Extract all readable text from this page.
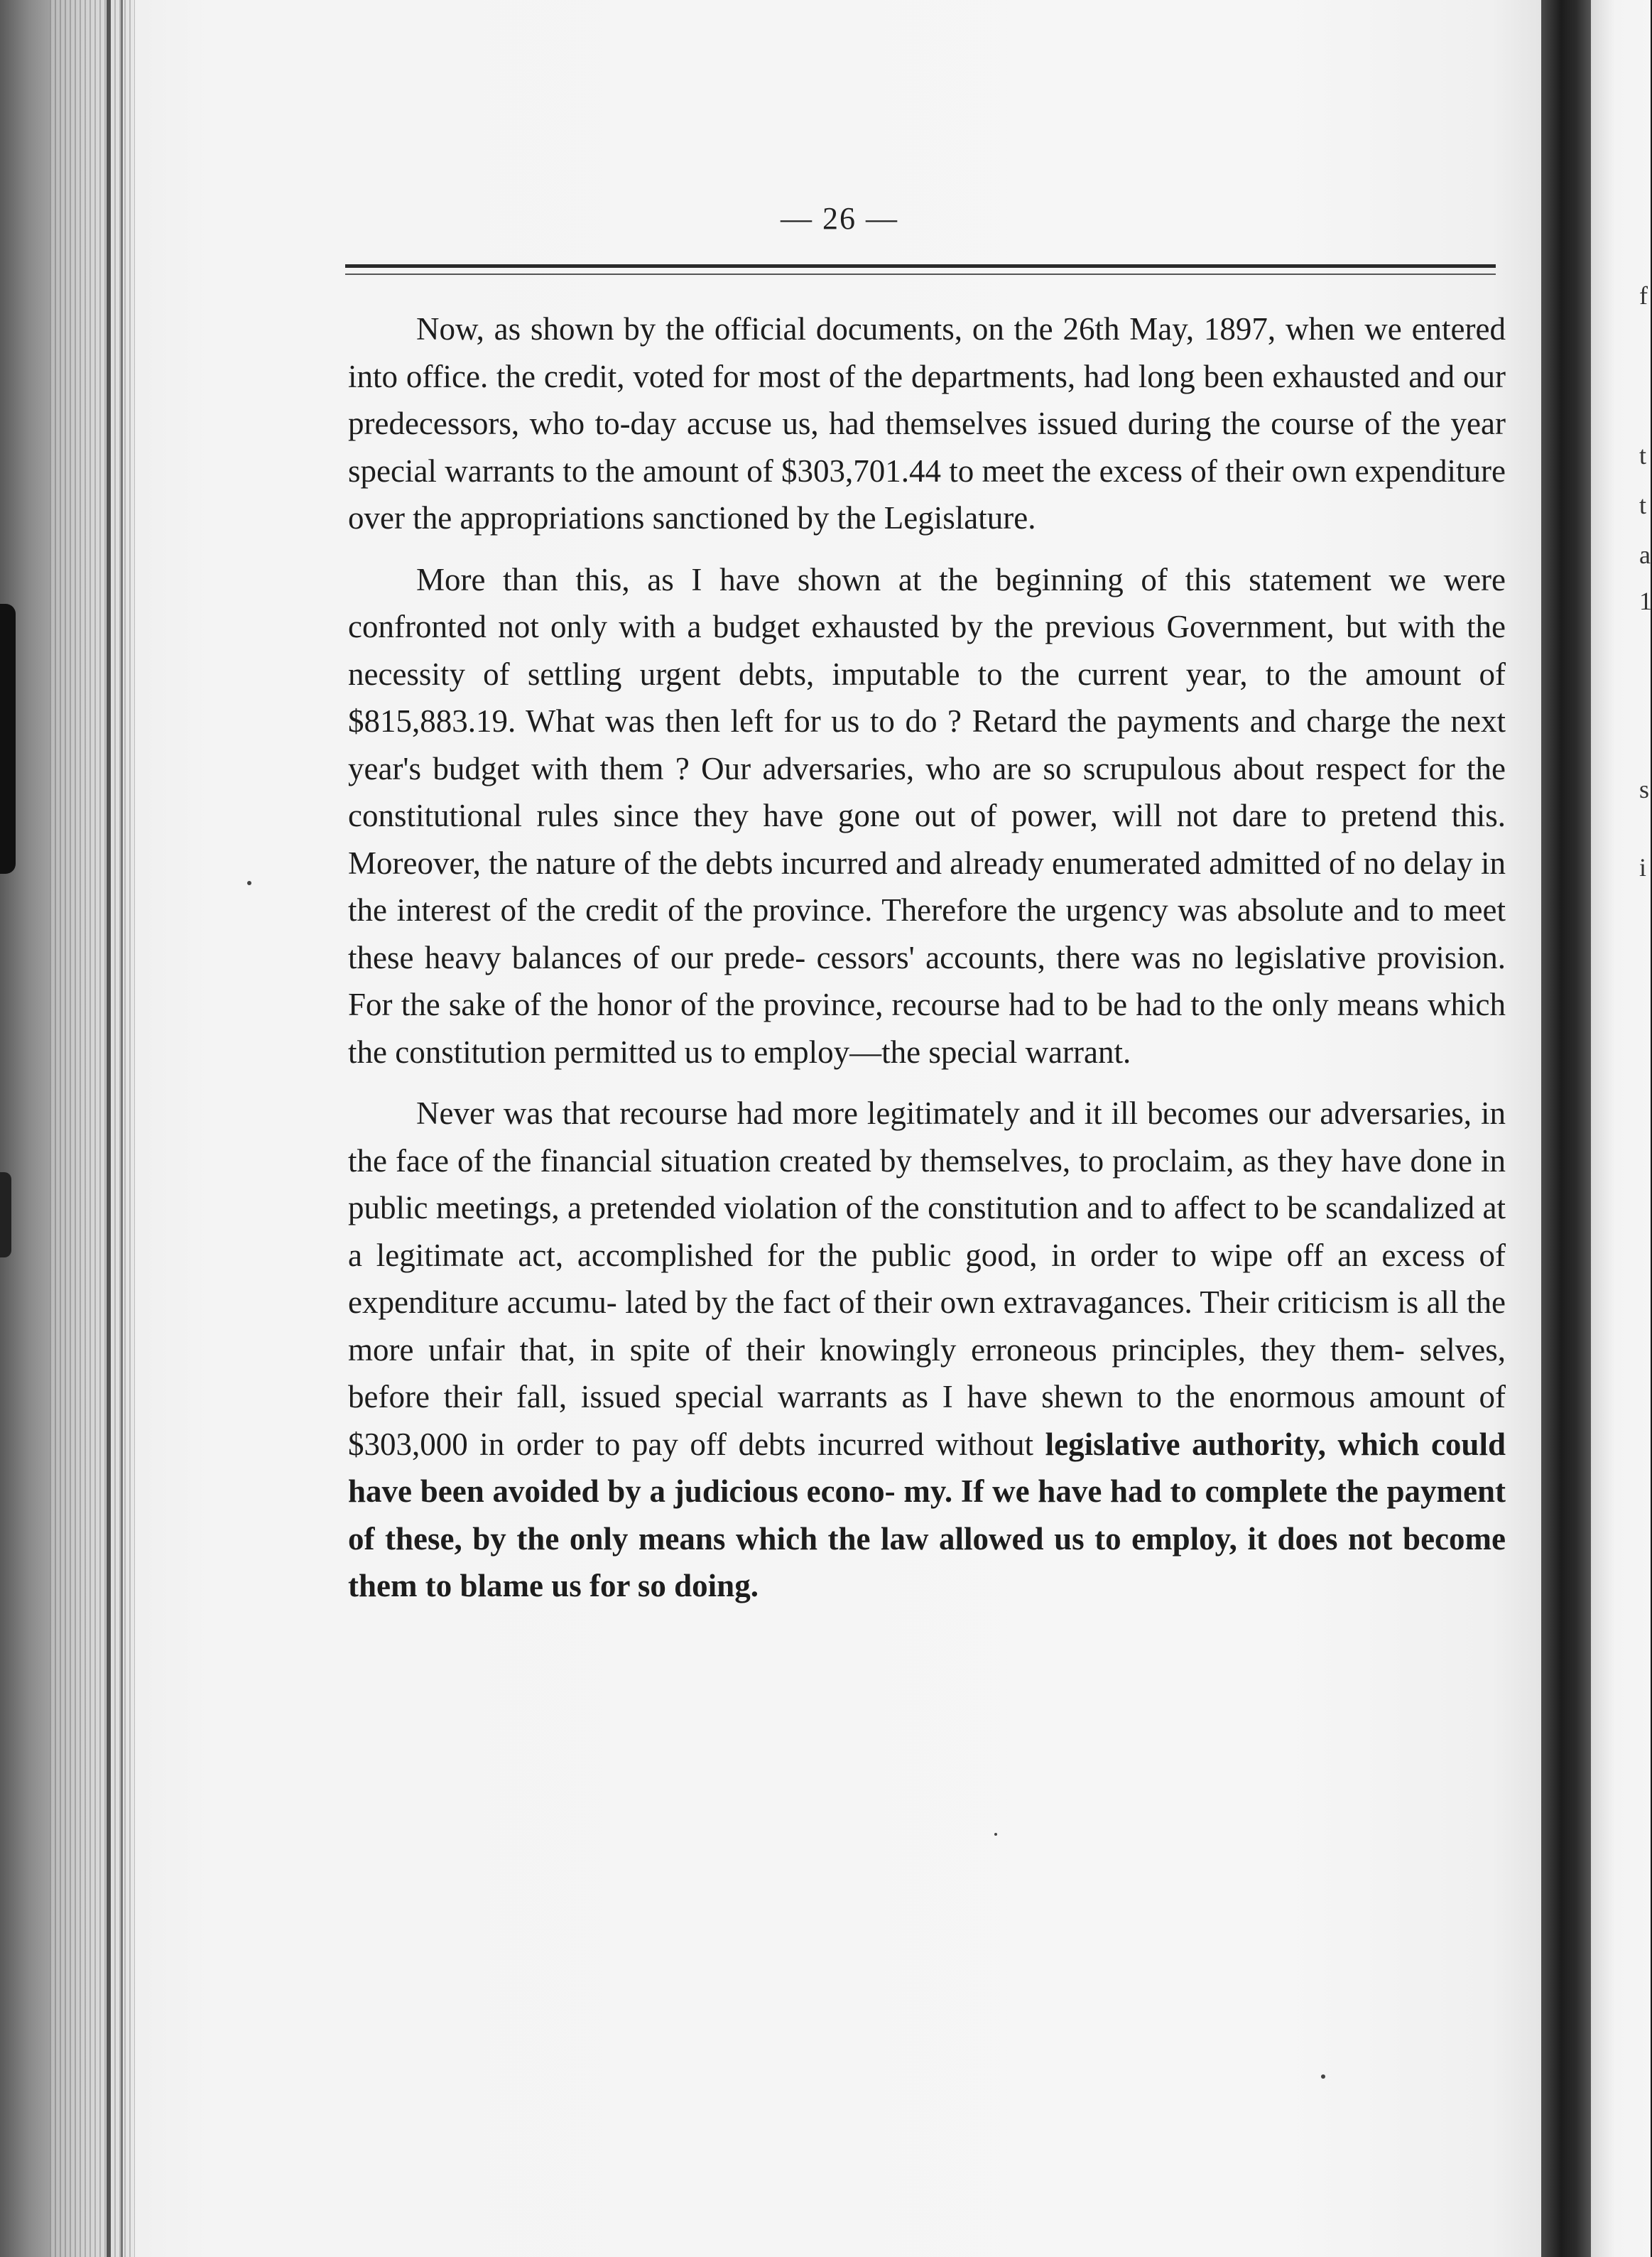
f
t
t
a
1
s
i
— 26 —

Now, as shown by the official documents, on the 26th May, 1897, when we entered into office. the credit, voted for most of the departments, had long been exhausted and our predecessors, who to-day accuse us, had themselves issued during the course of the year special warrants to the amount of $303,701.44 to meet the excess of their own expenditure over the appropriations sanctioned by the Legislature.

More than this, as I have shown at the beginning of this statement we were confronted not only with a budget exhausted by the previous Government, but with the necessity of settling urgent debts, imputable to the current year, to the amount of $815,883.19. What was then left for us to do ? Retard the payments and charge the next year's budget with them ? Our adversaries, who are so scrupulous about respect for the constitutional rules since they have gone out of power, will not dare to pretend this. Moreover, the nature of the debts incurred and already enumerated admitted of no delay in the interest of the credit of the province. Therefore the urgency was absolute and to meet these heavy balances of our prede- cessors' accounts, there was no legislative provision. For the sake of the honor of the province, recourse had to be had to the only means which the constitution permitted us to employ—the special warrant.

Never was that recourse had more legitimately and it ill becomes our adversaries, in the face of the financial situation created by themselves, to proclaim, as they have done in public meetings, a pretended violation of the constitution and to affect to be scandalized at a legitimate act, accomplished for the public good, in order to wipe off an excess of expenditure accumu- lated by the fact of their own extravagances. Their criticism is all the more unfair that, in spite of their knowingly erroneous principles, they them- selves, before their fall, issued special warrants as I have shewn to the enormous amount of $303,000 in order to pay off debts incurred without legislative authority, which could have been avoided by a judicious econo- my. If we have had to complete the payment of these, by the only means which the law allowed us to employ, it does not become them to blame us for so doing.
